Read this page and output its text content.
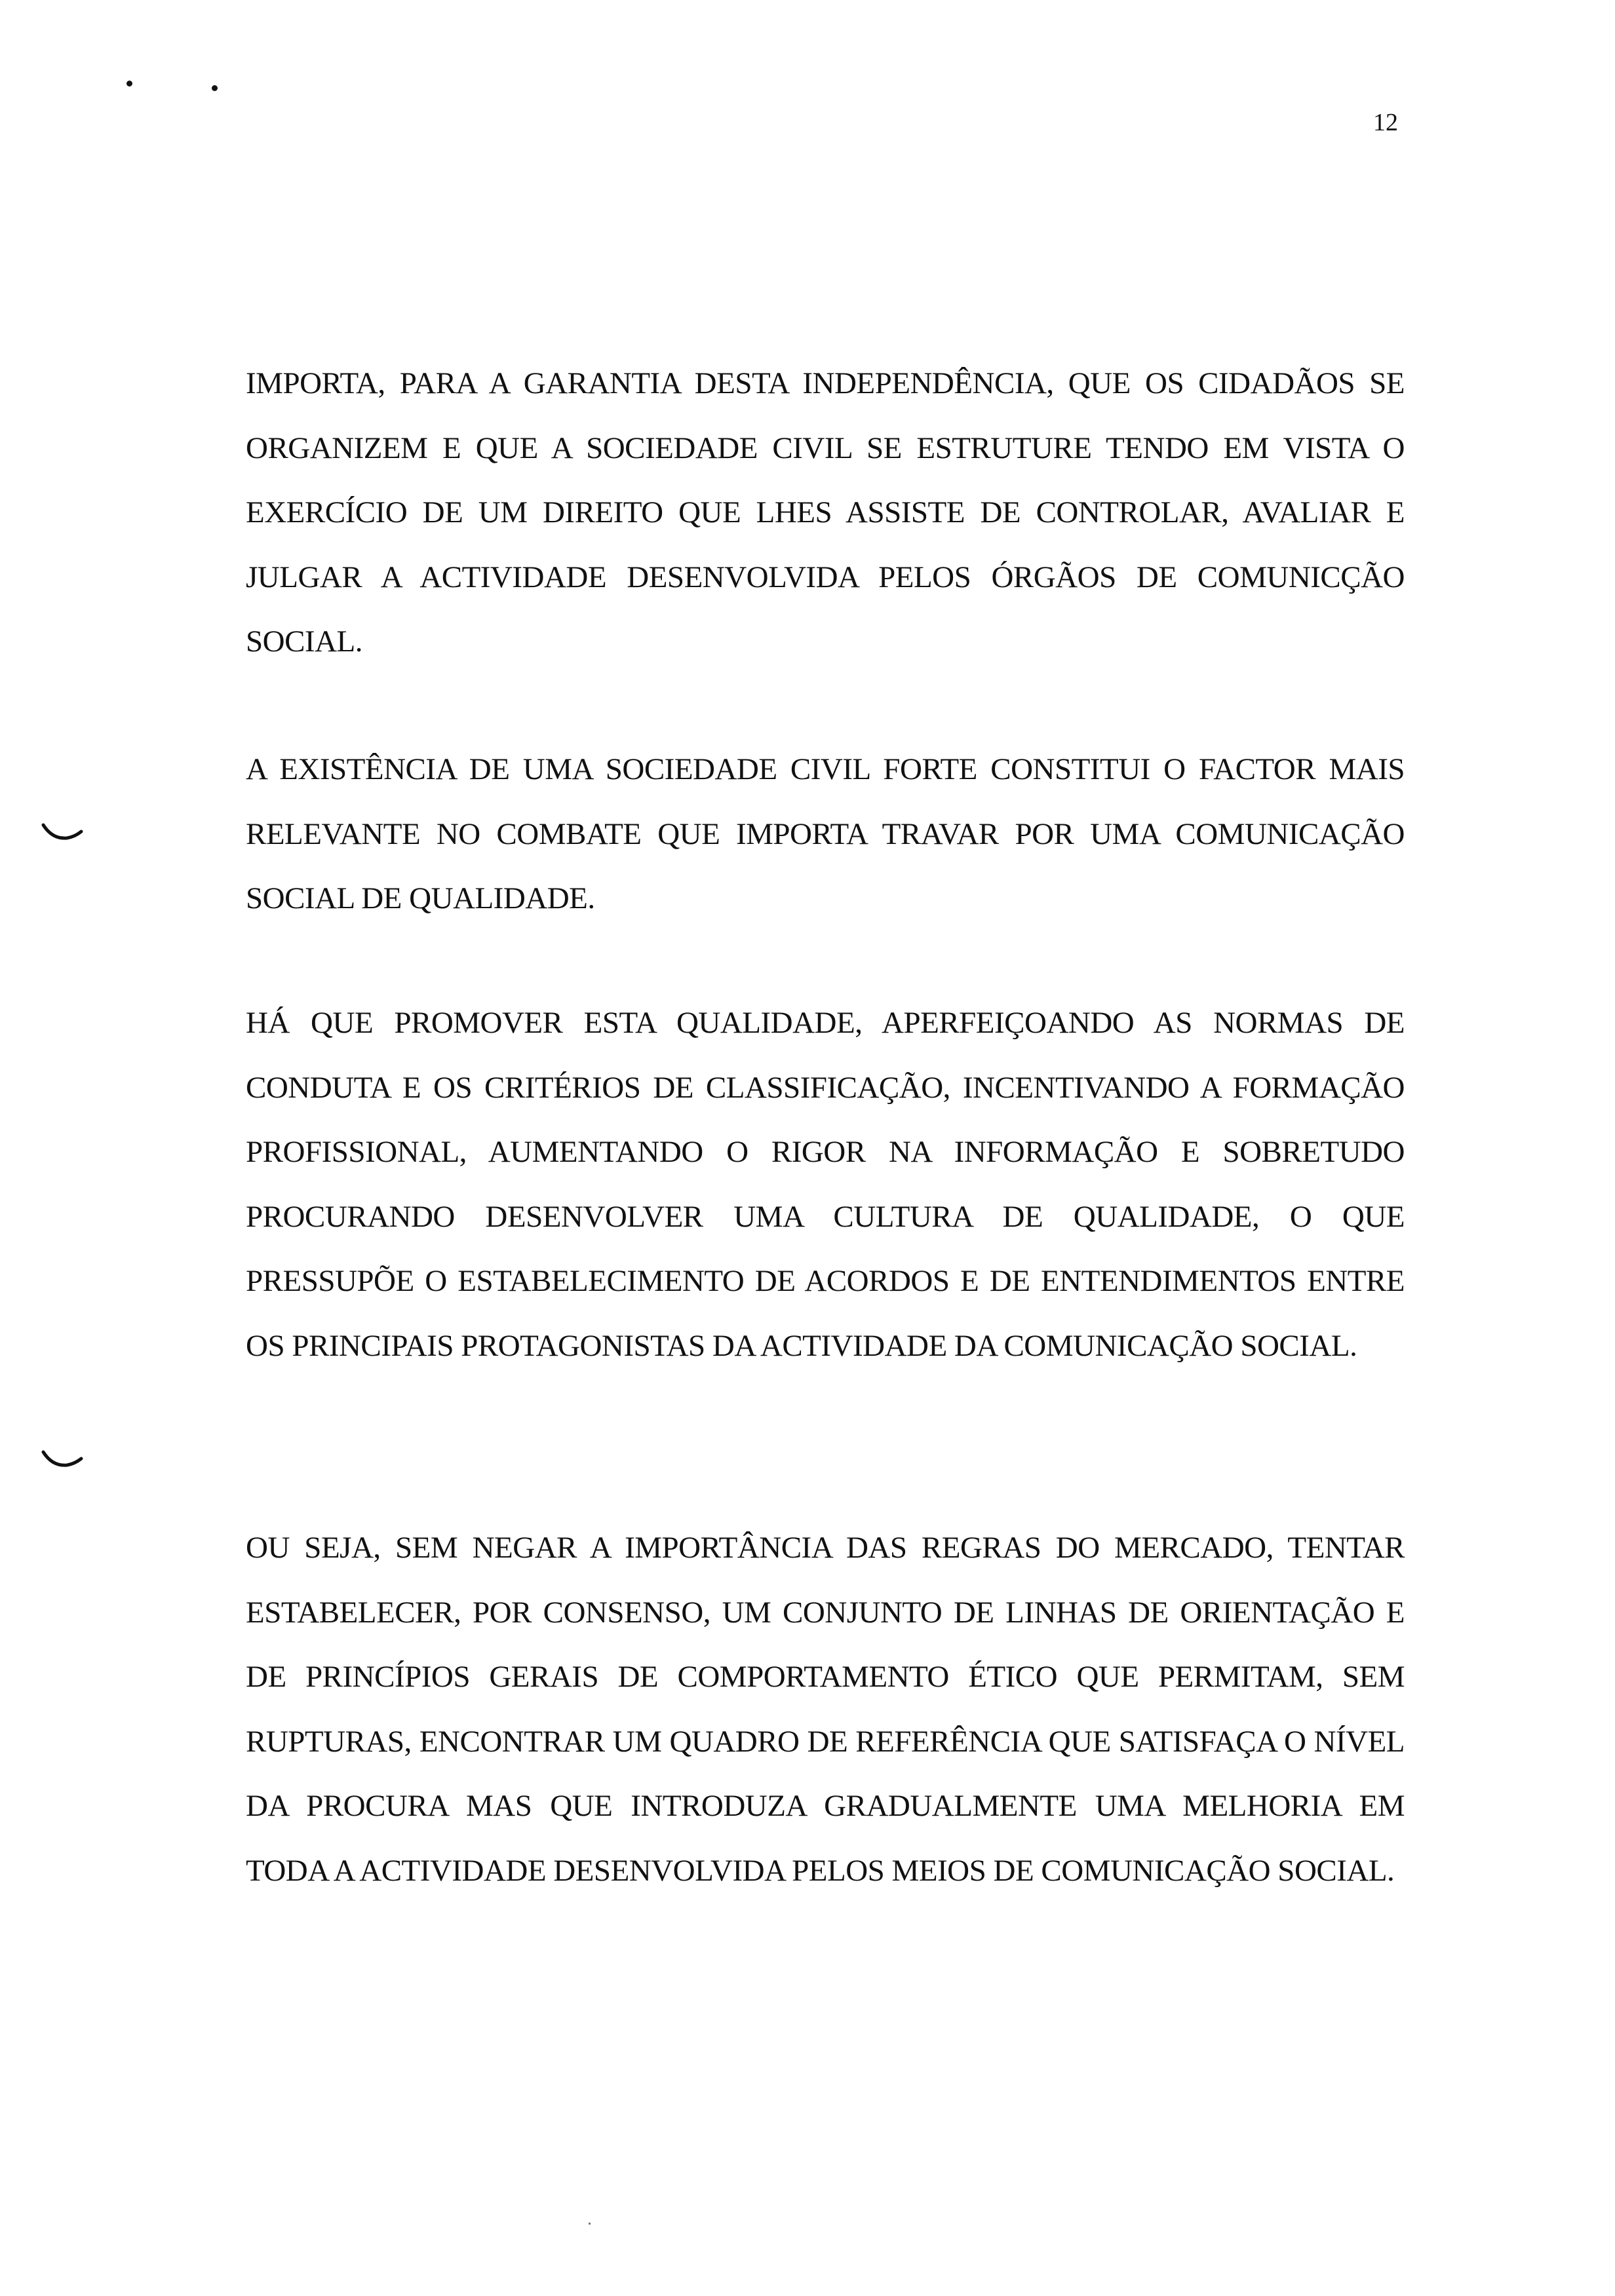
12

IMPORTA, PARA A GARANTIA DESTA INDEPENDÊNCIA, QUE OS CIDADÃOS SE ORGANIZEM E QUE A SOCIEDADE CIVIL SE ESTRUTURE TENDO EM VISTA O EXERCÍCIO DE UM DIREITO QUE LHES ASSISTE DE CONTROLAR, AVALIAR E JULGAR A ACTIVIDADE DESENVOLVIDA PELOS ÓRGÃOS DE COMUNICÇÃO SOCIAL.

A EXISTÊNCIA DE UMA SOCIEDADE CIVIL FORTE CONSTITUI O FACTOR MAIS RELEVANTE NO COMBATE QUE IMPORTA TRAVAR POR UMA COMUNICAÇÃO SOCIAL DE QUALIDADE.

HÁ QUE PROMOVER ESTA QUALIDADE, APERFEIÇOANDO AS NORMAS DE CONDUTA E OS CRITÉRIOS DE CLASSIFICAÇÃO, INCENTIVANDO A FORMAÇÃO PROFISSIONAL, AUMENTANDO O RIGOR NA INFORMAÇÃO E SOBRETUDO PROCURANDO DESENVOLVER UMA CULTURA DE QUALIDADE, O QUE PRESSUPÕE O ESTABELECIMENTO DE ACORDOS E DE ENTENDIMENTOS ENTRE OS PRINCIPAIS PROTAGONISTAS DA ACTIVIDADE DA COMUNICAÇÃO SOCIAL.

OU SEJA, SEM NEGAR A IMPORTÂNCIA DAS REGRAS DO MERCADO, TENTAR ESTABELECER, POR CONSENSO, UM CONJUNTO DE LINHAS DE ORIENTAÇÃO E DE PRINCÍPIOS GERAIS DE COMPORTAMENTO ÉTICO QUE PERMITAM, SEM RUPTURAS, ENCONTRAR UM QUADRO DE REFERÊNCIA QUE SATISFAÇA O NÍVEL DA PROCURA MAS QUE INTRODUZA GRADUALMENTE UMA MELHORIA EM TODA A ACTIVIDADE DESENVOLVIDA PELOS MEIOS DE COMUNICAÇÃO SOCIAL.
